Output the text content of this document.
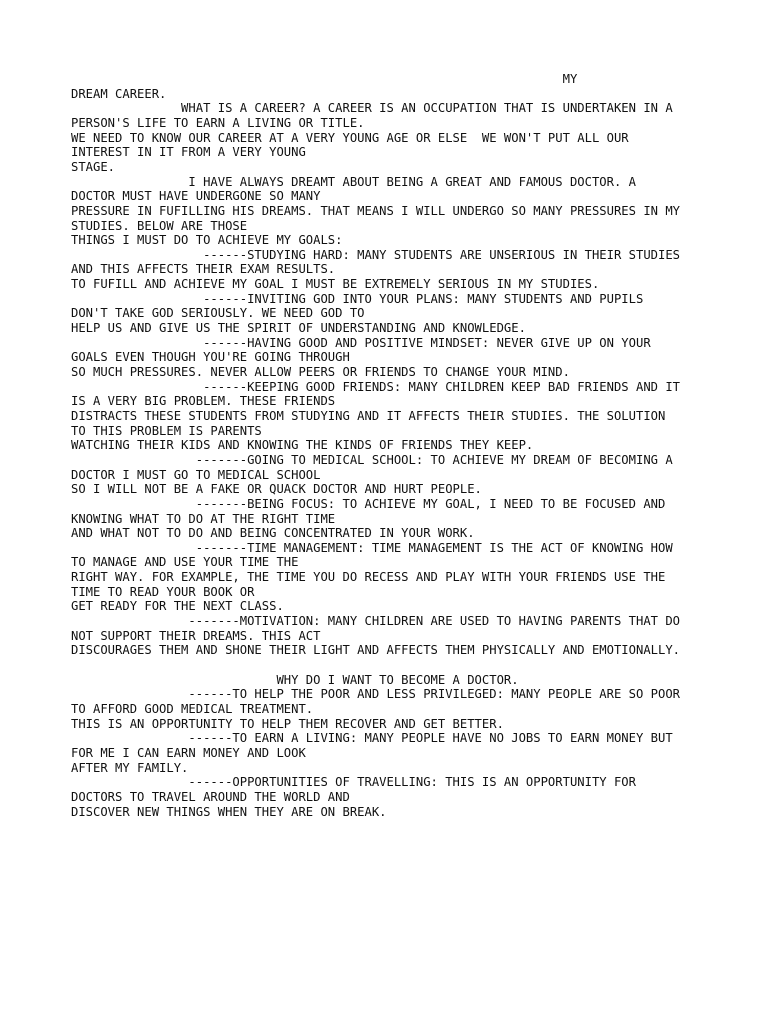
MY

DREAM CAREER.

WHAT IS A CAREER? A CAREER IS AN OCCUPATION THAT IS UNDERTAKEN IN A

PERSON'S LIFE TO EARN A LIVING OR TITLE.

WE NEED TO KNOW OUR CAREER AT A VERY YOUNG AGE OR ELSE  WE WON'T PUT ALL OUR

INTEREST IN IT FROM A VERY YOUNG

STAGE.

I HAVE ALWAYS DREAMT ABOUT BEING A GREAT AND FAMOUS DOCTOR. A

DOCTOR MUST HAVE UNDERGONE SO MANY

PRESSURE IN FUFILLING HIS DREAMS. THAT MEANS I WILL UNDERGO SO MANY PRESSURES IN MY

STUDIES. BELOW ARE THOSE

THINGS I MUST DO TO ACHIEVE MY GOALS:

------STUDYING HARD: MANY STUDENTS ARE UNSERIOUS IN THEIR STUDIES

AND THIS AFFECTS THEIR EXAM RESULTS.

TO FUFILL AND ACHIEVE MY GOAL I MUST BE EXTREMELY SERIOUS IN MY STUDIES.

------INVITING GOD INTO YOUR PLANS: MANY STUDENTS AND PUPILS

DON'T TAKE GOD SERIOUSLY. WE NEED GOD TO

HELP US AND GIVE US THE SPIRIT OF UNDERSTANDING AND KNOWLEDGE.

------HAVING GOOD AND POSITIVE MINDSET: NEVER GIVE UP ON YOUR

GOALS EVEN THOUGH YOU'RE GOING THROUGH

SO MUCH PRESSURES. NEVER ALLOW PEERS OR FRIENDS TO CHANGE YOUR MIND.

------KEEPING GOOD FRIENDS: MANY CHILDREN KEEP BAD FRIENDS AND IT

IS A VERY BIG PROBLEM. THESE FRIENDS

DISTRACTS THESE STUDENTS FROM STUDYING AND IT AFFECTS THEIR STUDIES. THE SOLUTION

TO THIS PROBLEM IS PARENTS

WATCHING THEIR KIDS AND KNOWING THE KINDS OF FRIENDS THEY KEEP.

-------GOING TO MEDICAL SCHOOL: TO ACHIEVE MY DREAM OF BECOMING A

DOCTOR I MUST GO TO MEDICAL SCHOOL

SO I WILL NOT BE A FAKE OR QUACK DOCTOR AND HURT PEOPLE.

-------BEING FOCUS: TO ACHIEVE MY GOAL, I NEED TO BE FOCUSED AND

KNOWING WHAT TO DO AT THE RIGHT TIME

AND WHAT NOT TO DO AND BEING CONCENTRATED IN YOUR WORK.

-------TIME MANAGEMENT: TIME MANAGEMENT IS THE ACT OF KNOWING HOW

TO MANAGE AND USE YOUR TIME THE

RIGHT WAY. FOR EXAMPLE, THE TIME YOU DO RECESS AND PLAY WITH YOUR FRIENDS USE THE

TIME TO READ YOUR BOOK OR

GET READY FOR THE NEXT CLASS.

-------MOTIVATION: MANY CHILDREN ARE USED TO HAVING PARENTS THAT DO

NOT SUPPORT THEIR DREAMS. THIS ACT

DISCOURAGES THEM AND SHONE THEIR LIGHT AND AFFECTS THEM PHYSICALLY AND EMOTIONALLY.

WHY DO I WANT TO BECOME A DOCTOR.

------TO HELP THE POOR AND LESS PRIVILEGED: MANY PEOPLE ARE SO POOR

TO AFFORD GOOD MEDICAL TREATMENT.

THIS IS AN OPPORTUNITY TO HELP THEM RECOVER AND GET BETTER.

------TO EARN A LIVING: MANY PEOPLE HAVE NO JOBS TO EARN MONEY BUT

FOR ME I CAN EARN MONEY AND LOOK

AFTER MY FAMILY.

------OPPORTUNITIES OF TRAVELLING: THIS IS AN OPPORTUNITY FOR

DOCTORS TO TRAVEL AROUND THE WORLD AND

DISCOVER NEW THINGS WHEN THEY ARE ON BREAK.
